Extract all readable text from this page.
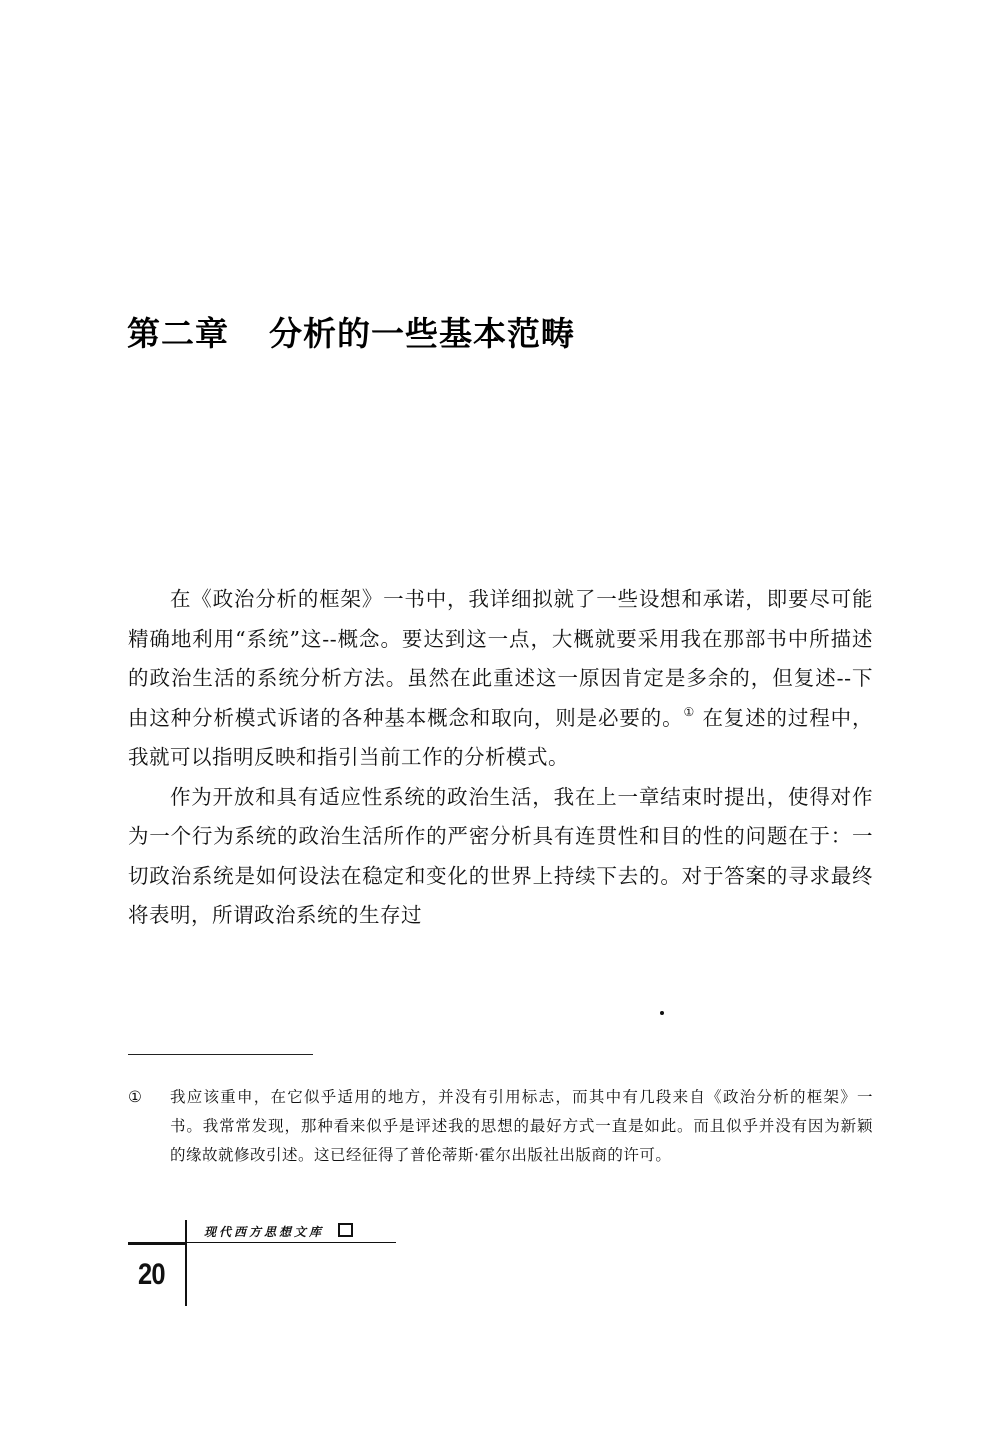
第二章 分析的一些基本范畴

在《政治分析的框架》一书中，我详细拟就了一些设想和承诺，即要尽可能精确地利用“系统”这--概念。要达到这一点，大概就要采用我在那部书中所描述的政治生活的系统分析方法。虽然在此重述这一原因肯定是多余的，但复述--下由这种分析模式诉诸的各种基本概念和取向，则是必要的。① 在复述的过程中，我就可以指明反映和指引当前工作的分析模式。

作为开放和具有适应性系统的政治生活，我在上一章结束时提出，使得对作为一个行为系统的政治生活所作的严密分析具有连贯性和目的性的问题在于：一切政治系统是如何设法在稳定和变化的世界上持续下去的。对于答案的寻求最终将表明，所谓政治系统的生存过

① 我应该重申，在它似乎适用的地方，并没有引用标志，而其中有几段来自《政治分析的框架》一书。我常常发现，那种看来似乎是评述我的思想的最好方式一直是如此。而且似乎并没有因为新颖的缘故就修改引述。这已经征得了普伦蒂斯·霍尔出版社出版商的许可。
现代西方思想文库
20
